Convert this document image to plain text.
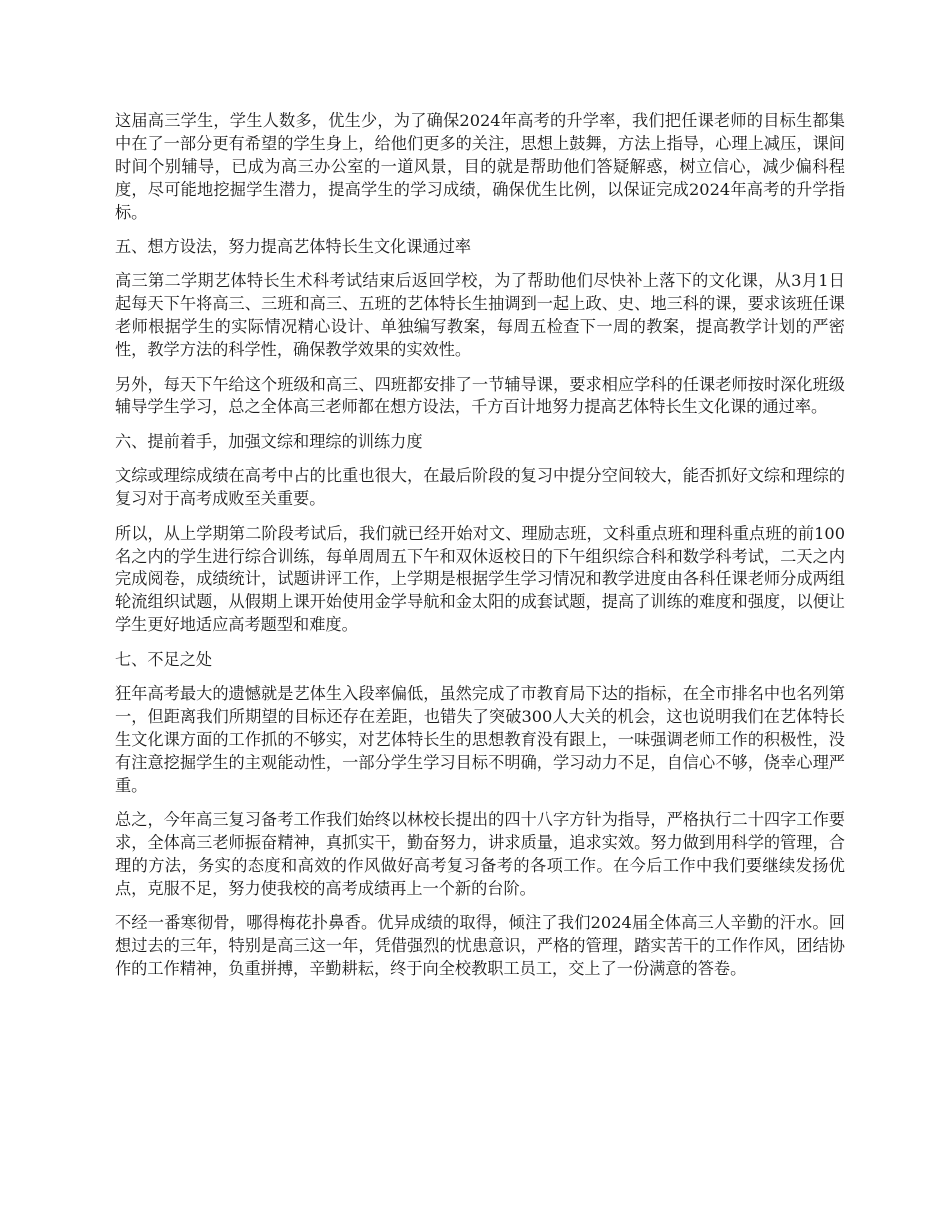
这届高三学生，学生人数多，优生少，为了确保2024年高考的升学率，我们把任课老师的目标生都集中在了一部分更有希望的学生身上，给他们更多的关注，思想上鼓舞，方法上指导，心理上减压，课间时间个别辅导，已成为高三办公室的一道风景，目的就是帮助他们答疑解惑，树立信心，减少偏科程度，尽可能地挖掘学生潜力，提高学生的学习成绩，确保优生比例，以保证完成2024年高考的升学指标。

五、想方设法，努力提高艺体特长生文化课通过率

高三第二学期艺体特长生术科考试结束后返回学校，为了帮助他们尽快补上落下的文化课，从3月1日起每天下午将高三、三班和高三、五班的艺体特长生抽调到一起上政、史、地三科的课，要求该班任课老师根据学生的实际情况精心设计、单独编写教案，每周五检查下一周的教案，提高教学计划的严密性，教学方法的科学性，确保教学效果的实效性。

另外，每天下午给这个班级和高三、四班都安排了一节辅导课，要求相应学科的任课老师按时深化班级辅导学生学习，总之全体高三老师都在想方设法，千方百计地努力提高艺体特长生文化课的通过率。

六、提前着手，加强文综和理综的训练力度

文综或理综成绩在高考中占的比重也很大，在最后阶段的复习中提分空间较大，能否抓好文综和理综的复习对于高考成败至关重要。

所以，从上学期第二阶段考试后，我们就已经开始对文、理励志班，文科重点班和理科重点班的前100名之内的学生进行综合训练，每单周周五下午和双休返校日的下午组织综合科和数学科考试，二天之内完成阅卷，成绩统计，试题讲评工作，上学期是根据学生学习情况和教学进度由各科任课老师分成两组轮流组织试题，从假期上课开始使用金学导航和金太阳的成套试题，提高了训练的难度和强度，以便让学生更好地适应高考题型和难度。

七、不足之处

狂年高考最大的遗憾就是艺体生入段率偏低，虽然完成了市教育局下达的指标，在全市排名中也名列第一，但距离我们所期望的目标还存在差距，也错失了突破300人大关的机会，这也说明我们在艺体特长生文化课方面的工作抓的不够实，对艺体特长生的思想教育没有跟上，一味强调老师工作的积极性，没有注意挖掘学生的主观能动性，一部分学生学习目标不明确，学习动力不足，自信心不够，侥幸心理严重。

总之，今年高三复习备考工作我们始终以林校长提出的四十八字方针为指导，严格执行二十四字工作要求，全体高三老师振奋精神，真抓实干，勤奋努力，讲求质量，追求实效。努力做到用科学的管理，合理的方法，务实的态度和高效的作风做好高考复习备考的各项工作。在今后工作中我们要继续发扬优点，克服不足，努力使我校的高考成绩再上一个新的台阶。

不经一番寒彻骨，哪得梅花扑鼻香。优异成绩的取得，倾注了我们2024届全体高三人辛勤的汗水。回想过去的三年，特别是高三这一年，凭借强烈的忧患意识，严格的管理，踏实苦干的工作作风，团结协作的工作精神，负重拼搏，辛勤耕耘，终于向全校教职工员工，交上了一份满意的答卷。
